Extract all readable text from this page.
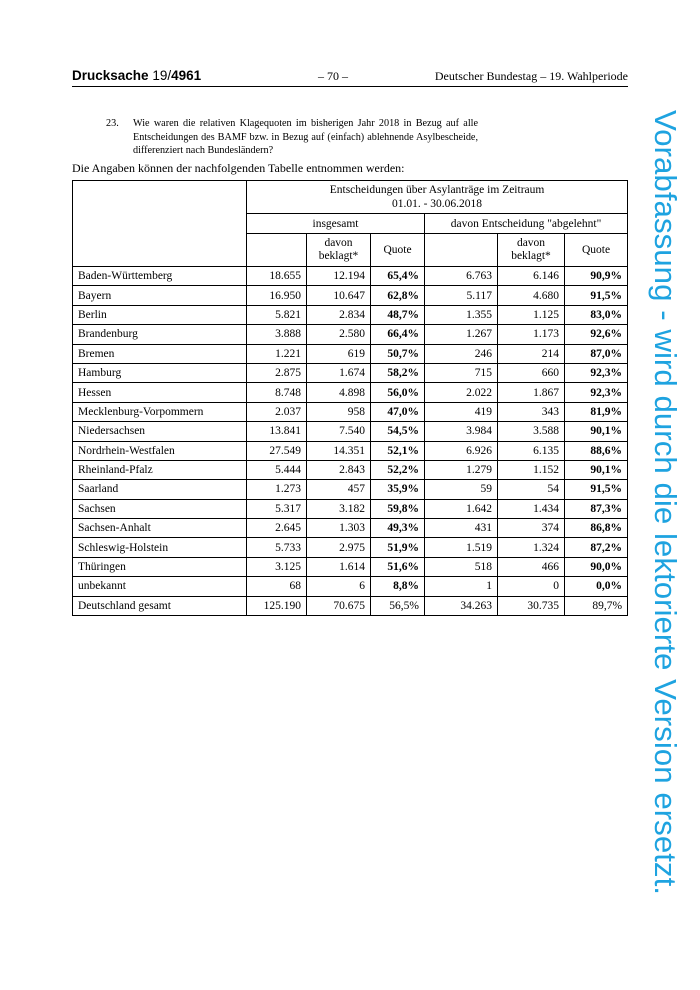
Drucksache 19/4961	– 70 –	Deutscher Bundestag – 19. Wahlperiode
23. Wie waren die relativen Klagequoten im bisherigen Jahr 2018 in Bezug auf alle Entscheidungen des BAMF bzw. in Bezug auf (einfach) ablehnende Asylbescheide, differenziert nach Bundesländern?
Die Angaben können der nachfolgenden Tabelle entnommen werden:
	Entscheidungen über Asylanträge im Zeitraum
01.01. - 30.06.2018					
	insgesamt			davon Entscheidung "abgelehnt"		
		davon beklagt*	Quote		davon beklagt*	Quote
Baden-Württemberg	18.655	12.194	65,4%	6.763	6.146	90,9%
Bayern	16.950	10.647	62,8%	5.117	4.680	91,5%
Berlin	5.821	2.834	48,7%	1.355	1.125	83,0%
Brandenburg	3.888	2.580	66,4%	1.267	1.173	92,6%
Bremen	1.221	619	50,7%	246	214	87,0%
Hamburg	2.875	1.674	58,2%	715	660	92,3%
Hessen	8.748	4.898	56,0%	2.022	1.867	92,3%
Mecklenburg-Vorpommern	2.037	958	47,0%	419	343	81,9%
Niedersachsen	13.841	7.540	54,5%	3.984	3.588	90,1%
Nordrhein-Westfalen	27.549	14.351	52,1%	6.926	6.135	88,6%
Rheinland-Pfalz	5.444	2.843	52,2%	1.279	1.152	90,1%
Saarland	1.273	457	35,9%	59	54	91,5%
Sachsen	5.317	3.182	59,8%	1.642	1.434	87,3%
Sachsen-Anhalt	2.645	1.303	49,3%	431	374	86,8%
Schleswig-Holstein	5.733	2.975	51,9%	1.519	1.324	87,2%
Thüringen	3.125	1.614	51,6%	518	466	90,0%
unbekannt	68	6	8,8%	1	0	0,0%
Deutschland gesamt	125.190	70.675	56,5%	34.263	30.735	89,7% Vorabfassung - wird durch die lektorierte Version ersetzt.
